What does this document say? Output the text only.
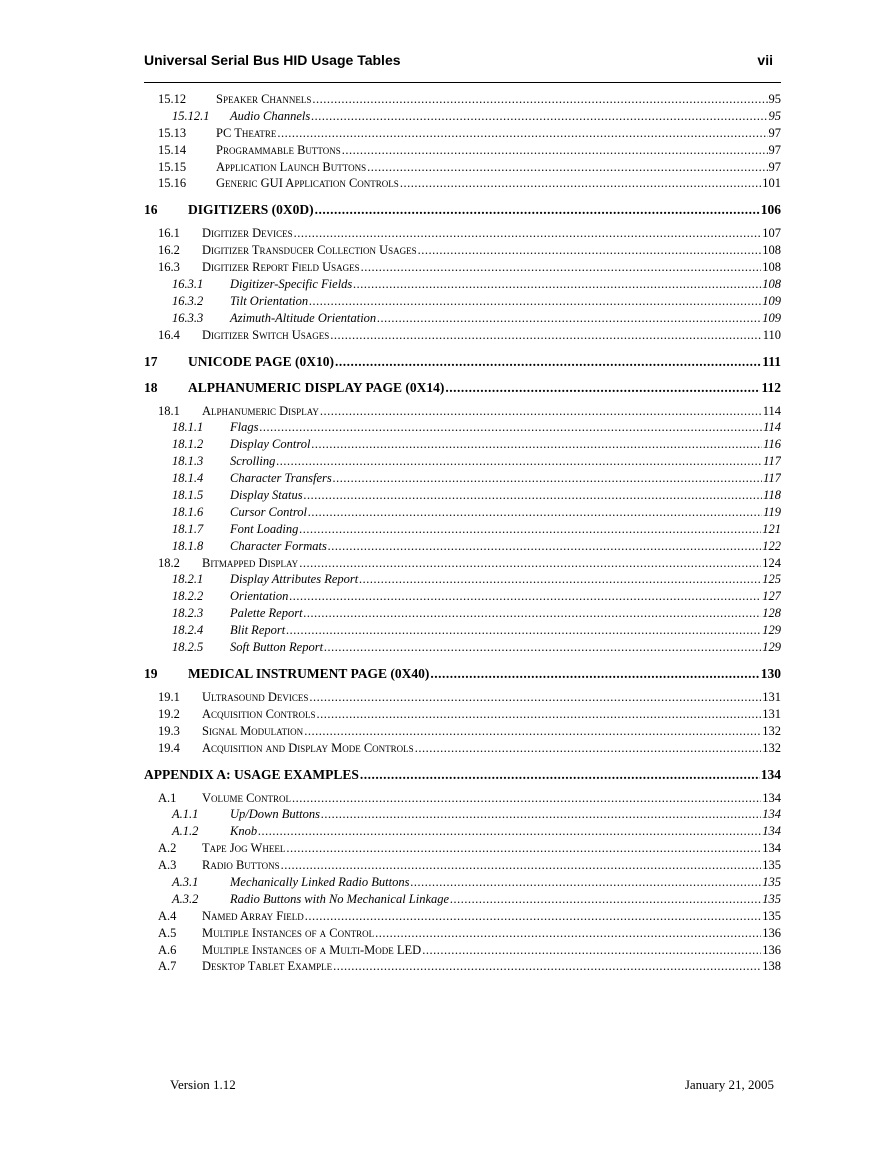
Universal Serial Bus HID Usage Tables	vii
15.12	Speaker Channels .....	95
15.12.1	Audio Channels .....	95
15.13	PC Theatre .....	97
15.14	Programmable Buttons .....	97
15.15	Application Launch Buttons .....	97
15.16	Generic GUI Application Controls .....	101
16	DIGITIZERS (0X0D) .....	106
16.1	Digitizer Devices .....	107
16.2	Digitizer Transducer Collection Usages .....	108
16.3	Digitizer Report Field Usages .....	108
16.3.1	Digitizer-Specific Fields .....	108
16.3.2	Tilt Orientation .....	109
16.3.3	Azimuth-Altitude Orientation .....	109
16.4	Digitizer Switch Usages .....	110
17	UNICODE PAGE (0X10) .....	111
18	ALPHANUMERIC DISPLAY PAGE (0X14) .....	112
18.1	Alphanumeric Display .....	114
18.1.1	Flags .....	114
18.1.2	Display Control .....	116
18.1.3	Scrolling .....	117
18.1.4	Character Transfers .....	117
18.1.5	Display Status .....	118
18.1.6	Cursor Control .....	119
18.1.7	Font Loading .....	121
18.1.8	Character Formats .....	122
18.2	Bitmapped Display .....	124
18.2.1	Display Attributes Report .....	125
18.2.2	Orientation .....	127
18.2.3	Palette Report .....	128
18.2.4	Blit Report .....	129
18.2.5	Soft Button Report .....	129
19	MEDICAL INSTRUMENT PAGE (0X40) .....	130
19.1	Ultrasound Devices .....	131
19.2	Acquisition Controls .....	131
19.3	Signal Modulation .....	132
19.4	Acquisition and Display Mode Controls .....	132
APPENDIX A: USAGE EXAMPLES .....	134
A.1	Volume Control .....	134
A.1.1	Up/Down Buttons .....	134
A.1.2	Knob .....	134
A.2	Tape Jog Wheel .....	134
A.3	Radio Buttons .....	135
A.3.1	Mechanically Linked Radio Buttons .....	135
A.3.2	Radio Buttons with No Mechanical Linkage .....	135
A.4	Named Array Field .....	135
A.5	Multiple Instances of a Control .....	136
A.6	Multiple Instances of a Multi-Mode LED .....	136
A.7	Desktop Tablet Example .....	138
Version 1.12	January 21, 2005
